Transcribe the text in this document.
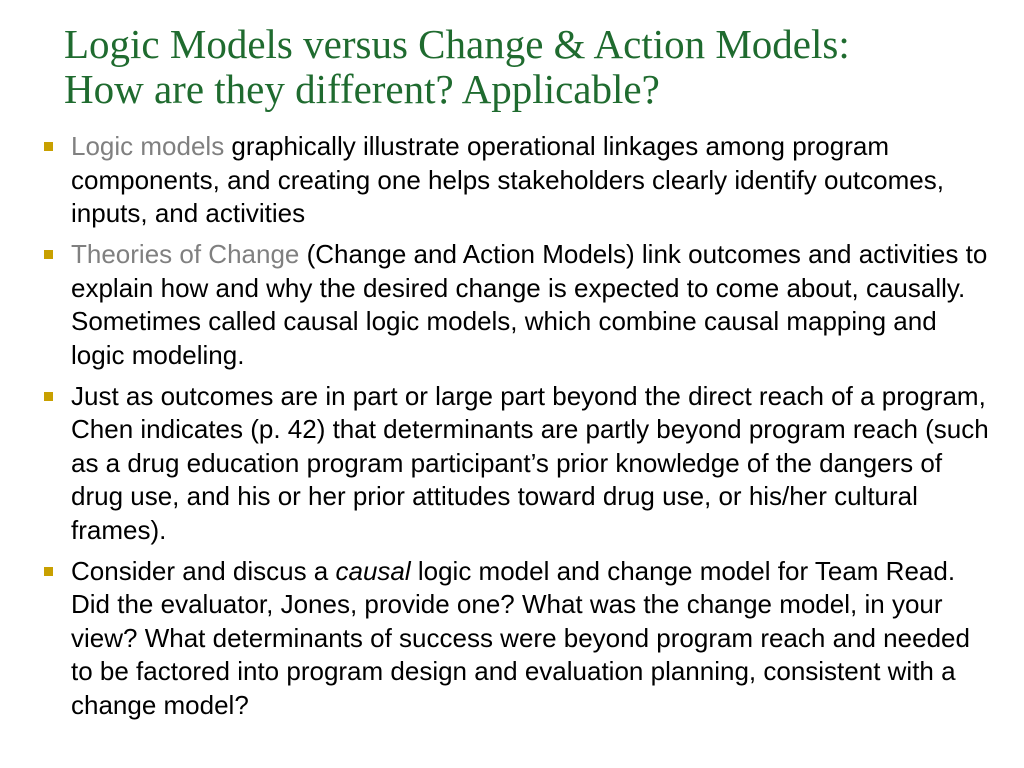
Logic Models versus Change & Action Models:
How are they different? Applicable?
Logic models graphically illustrate operational linkages among program components, and creating one helps stakeholders clearly identify outcomes, inputs, and activities
Theories of Change (Change and Action Models) link outcomes and activities to explain how and why the desired change is expected to come about, causally. Sometimes called causal logic models, which combine causal mapping and logic modeling.
Just as outcomes are in part or large part beyond the direct reach of a program, Chen indicates (p. 42) that determinants are partly beyond program reach (such as a drug education program participant’s prior knowledge of the dangers of drug use, and his or her prior attitudes toward drug use, or his/her cultural frames).
Consider and discus a causal logic model and change model for Team Read. Did the evaluator, Jones, provide one? What was the change model, in your view? What determinants of success were beyond program reach and needed to be factored into program design and evaluation planning, consistent with a change model?
